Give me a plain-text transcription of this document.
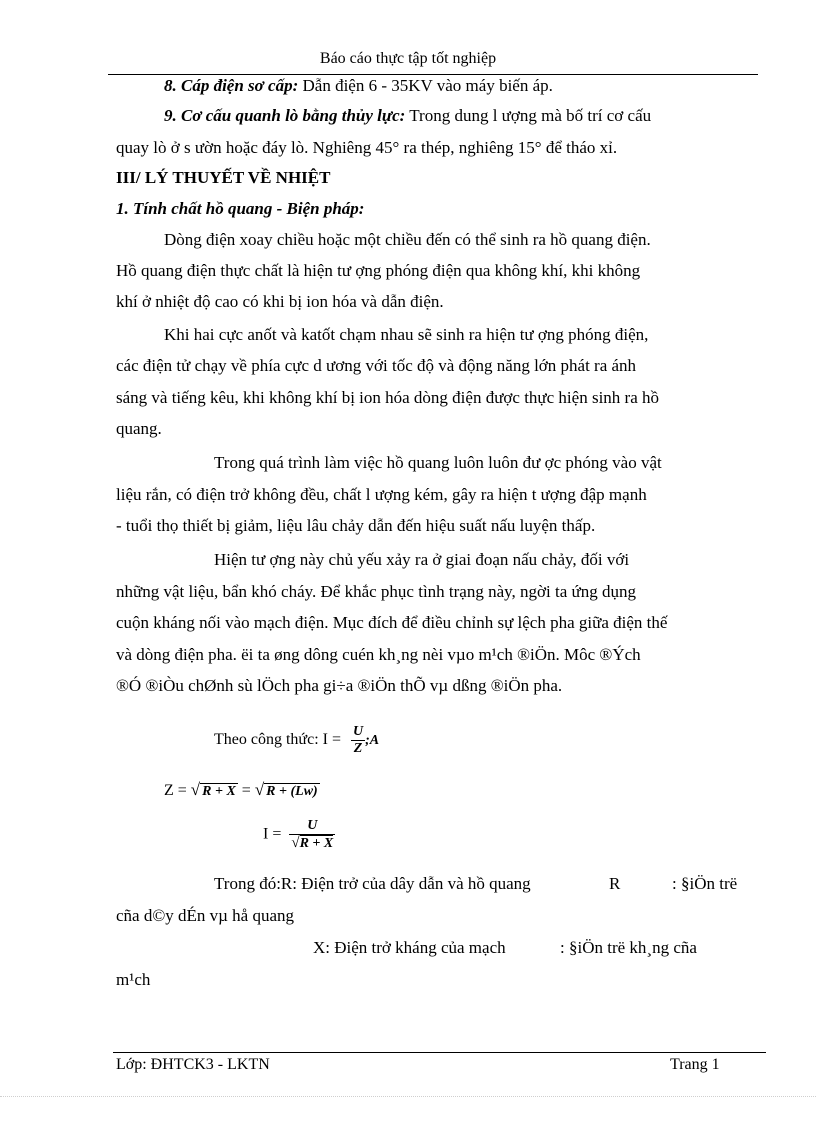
Báo cáo thực tập tốt nghiệp
8. Cáp điện sơ cấp: Dẫn điện 6 - 35KV vào máy biến áp.
9. Cơ cấu quanh lò bằng thủy lực: Trong dung l ượng mà bố trí cơ cấu
quay lò ở s ườn hoặc đáy lò. Nghiêng 45° ra thép, nghiêng 15° để tháo xỉ.
III/ LÝ THUYẾT VỀ NHIỆT
1. Tính chất hồ quang - Biện pháp:
Dòng điện xoay chiều hoặc một chiều đến có thể sinh ra hồ quang điện.
Hồ quang điện thực chất là hiện tư ợng phóng điện qua không khí, khi không
khí ở nhiệt độ cao có khi bị ion hóa và dẫn điện.
Khi hai cực anốt và katốt chạm nhau sẽ sinh ra hiện tư ợng phóng điện,
các điện tử chạy về phía cực d ương với tốc độ và động năng lớn phát ra ánh
sáng và tiếng kêu, khi không khí bị ion hóa dòng điện được thực hiện sinh ra hồ
quang.
Trong quá trình làm việc hồ quang luôn luôn đư ợc phóng vào vật
liệu rắn, có điện trở không đều, chất l ượng kém, gây ra hiện t ượng đập mạnh
- tuổi thọ thiết bị giảm, liệu lâu chảy dẫn đến hiệu suất nấu luyện thấp.
Hiện tư ợng này chủ yếu xảy ra ở giai đoạn nấu chảy, đối với
những vật liệu, bẩn khó cháy. Để khắc phục tình trạng này, ngời ta ứng dụng
cuộn kháng nối vào mạch điện. Mục đích để điều chỉnh sự lệch pha giữa điện thế
và dòng điện pha. ёi ta øng dông cuén kh¸ng nèi vµo m¹ch ®iÖn. Môc ®Ých
®Ó ®iÒu chØnh sù lÖch pha gi÷a ®iÖn thÕ vµ dßng ®iÖn pha.
Theo công thức: $I = \frac{U}{Z}$ ;A
Z = √ R + X = √ R + (Lw)
$I = \frac{U}{√R + X}$
Trong đó:R: Điện trở của dây dẫn và hồ quang	R	: §iÖn trë
cña d©y dÉn vµ hå quang
X: Điện trở kháng của mạch	: §iÖn trë kh¸ng cña
m¹ch
Lớp: ĐHTCK3 - LKTN	Trang 1
